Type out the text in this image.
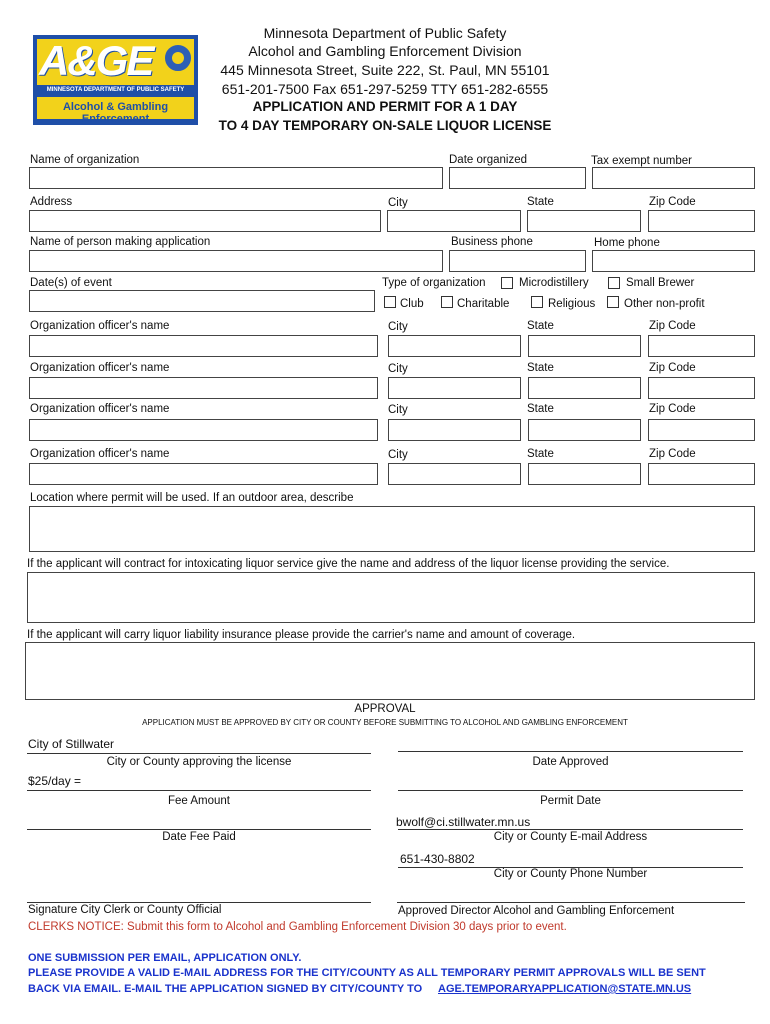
A&GE
MINNESOTA DEPARTMENT OF PUBLIC SAFETY
Alcohol & Gambling Enforcement
Minnesota Department of Public Safety
Alcohol and Gambling Enforcement Division
445 Minnesota Street, Suite 222, St. Paul, MN 55101
651-201-7500 Fax 651-297-5259 TTY 651-282-6555
APPLICATION AND PERMIT FOR A 1 DAY
TO 4 DAY TEMPORARY ON-SALE LIQUOR LICENSE
Name of organization	Date organized	Tax exempt number
Address	City	State	Zip Code
Name of person making application	Business phone	Home phone
Date(s) of event	Type of organization	Microdistillery	Small Brewer
Club	Charitable	Religious Other non-profit
Organization officer's name	City	State	Zip Code
Organization officer's name	City	State	Zip Code
Organization officer's name	City	State	Zip Code
Organization officer's name	City	State	Zip Code
Location where permit will be used. If an outdoor area, describe
If the applicant will contract for intoxicating liquor service give the name and address of the liquor license providing the service.
If the applicant will carry liquor liability insurance please provide the carrier's name and amount of coverage.
APPROVAL
APPLICATION MUST BE APPROVED BY CITY OR COUNTY BEFORE SUBMITTING TO ALCOHOL AND GAMBLING ENFORCEMENT
City of Stillwater
City or County approving the license	Date Approved
$25/day =
Fee Amount	Permit Date
Date Fee Paid
bwolf@ci.stillwater.mn.us
City or County E-mail Address
651-430-8802
City or County Phone Number
Signature City Clerk or County Official	Approved Director Alcohol and Gambling Enforcement
CLERKS NOTICE: Submit this form to Alcohol and Gambling Enforcement Division 30 days prior to event.
ONE SUBMISSION PER EMAIL, APPLICATION ONLY.
PLEASE PROVIDE A VALID E-MAIL ADDRESS FOR THE CITY/COUNTY AS ALL TEMPORARY PERMIT APPROVALS WILL BE SENT
BACK VIA EMAIL. E-MAIL THE APPLICATION SIGNED BY CITY/COUNTY TO AGE.TEMPORARYAPPLICATION@STATE.MN.US
